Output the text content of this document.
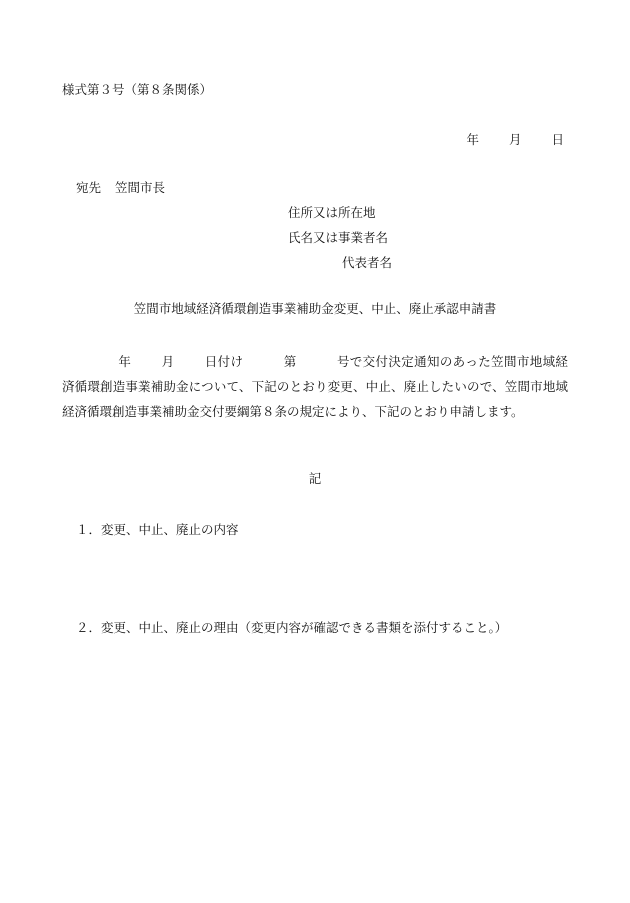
様式第３号（第８条関係）
年 月 日
宛先 笠間市長
住所又は所在地
氏名又は事業者名
代表者名
笠間市地域経済循環創造事業補助金変更、中止、廃止承認申請書
年 月 日付け	第	号で交付決定通知のあった笠間市地域経済循環創造事業補助金について、下記のとおり変更、中止、廃止したいので、笠間市地域経済循環創造事業補助金交付要綱第８条の規定により、下記のとおり申請します。
記
１．変更、中止、廃止の内容
２．変更、中止、廃止の理由（変更内容が確認できる書類を添付すること。）
